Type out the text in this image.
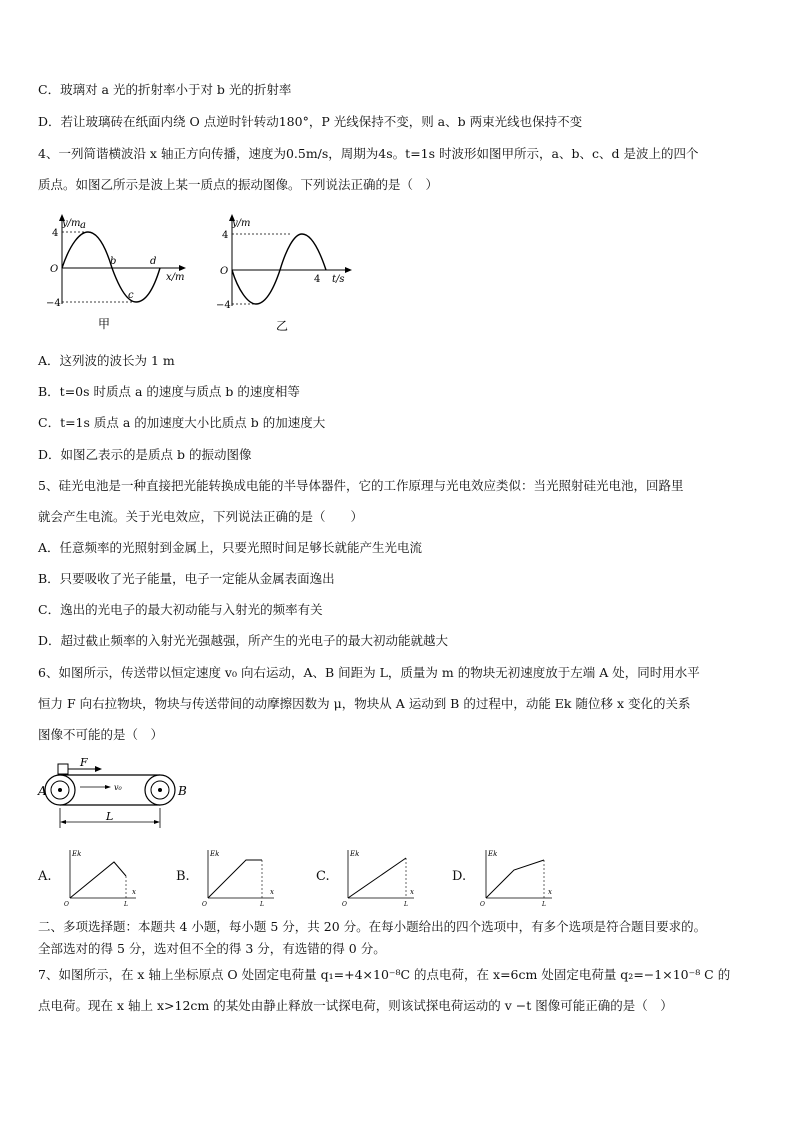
C．玻璃对 a 光的折射率小于对 b 光的折射率
D．若让玻璃砖在纸面内绕 O 点逆时针转动180°，P 光线保持不变，则 a、b 两束光线也保持不变
4、一列简谐横波沿 x 轴正方向传播，速度为0.5m/s，周期为4s。t=1s 时波形如图甲所示，a、b、c、d 是波上的四个
质点。如图乙所示是波上某一质点的振动图像。下列说法正确的是（　）
y/m
4
−4
O
x/m
a
b
c
d
甲
y/m
4
−4
O
4 t/s
乙
A．这列波的波长为 1 m
B．t=0s 时质点 a 的速度与质点 b 的速度相等
C．t=1s 质点 a 的加速度大小比质点 b 的加速度大
D．如图乙表示的是质点 b 的振动图像
5、硅光电池是一种直接把光能转换成电能的半导体器件，它的工作原理与光电效应类似：当光照射硅光电池，回路里
就会产生电流。关于光电效应，下列说法正确的是（　　）
A．任意频率的光照射到金属上，只要光照时间足够长就能产生光电流
B．只要吸收了光子能量，电子一定能从金属表面逸出
C．逸出的光电子的最大初动能与入射光的频率有关
D．超过截止频率的入射光光强越强，所产生的光电子的最大初动能就越大
6、如图所示，传送带以恒定速度 v₀ 向右运动，A、B 间距为 L，质量为 m 的物块无初速度放于左端 A 处，同时用水平
恒力 F 向右拉物块，物块与传送带间的动摩擦因数为 μ，物块从 A 运动到 B 的过程中，动能 Ek 随位移 x 变化的关系
图像不可能的是（　）
F
v₀
A	B
L
A.
Ek
x
O	L
B.
Ek
x
O	L
C.
Ek
x
O	L
D.
Ek
x
O	L
二、多项选择题：本题共 4 小题，每小题 5 分，共 20 分。在每小题给出的四个选项中，有多个选项是符合题目要求的。
全部选对的得 5 分，选对但不全的得 3 分，有选错的得 0 分。
7、如图所示，在 x 轴上坐标原点 O 处固定电荷量 q₁=+4×10⁻⁸C 的点电荷，在 x=6cm 处固定电荷量 q₂=−1×10⁻⁸ C 的
点电荷。现在 x 轴上 x>12cm 的某处由静止释放一试探电荷，则该试探电荷运动的 v −t 图像可能正确的是（　）
